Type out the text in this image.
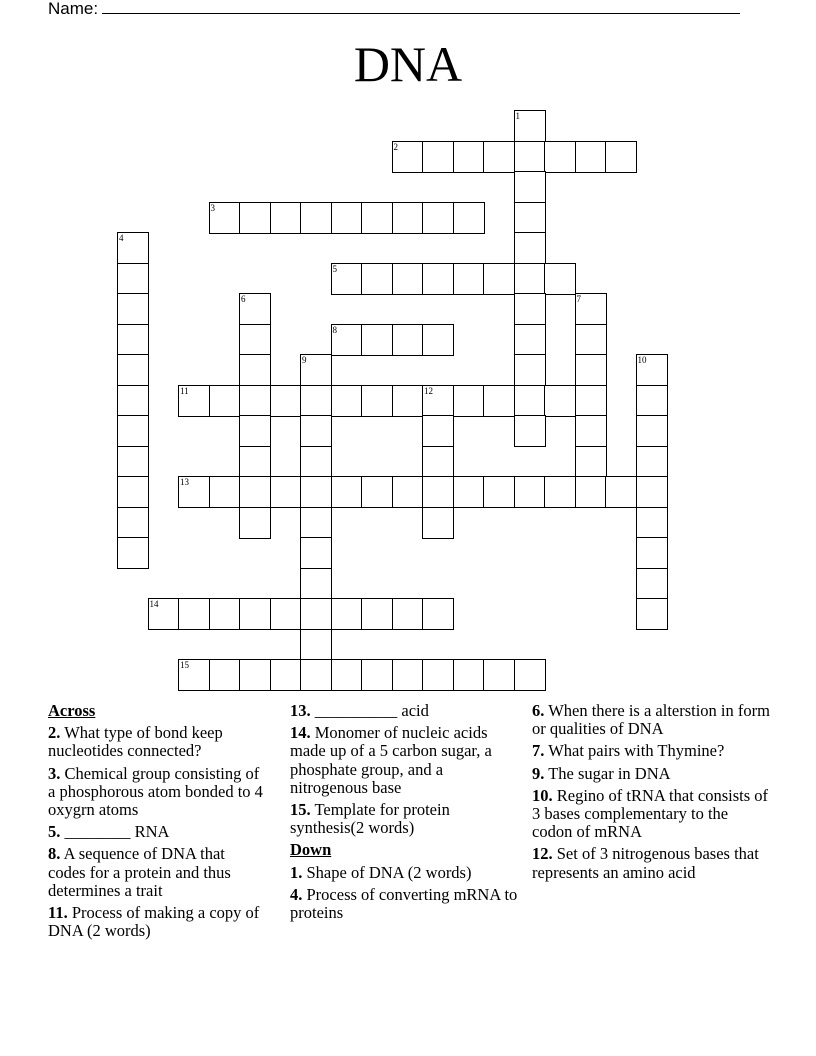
Name:
DNA
1
2
3
4
5
6	7
8
9	10
11	12
13
14
15
Across
2. What type of bond keep nucleotides connected?
3. Chemical group consisting of a phosphorous atom bonded to 4 oxygrn atoms
5. ________ RNA
8. A sequence of DNA that codes for a protein and thus determines a trait
11. Process of making a copy of DNA (2 words)
13. __________ acid
14. Monomer of nucleic acids made up of a 5 carbon sugar, a phosphate group, and a nitrogenous base
15. Template for protein synthesis(2 words)
Down
1. Shape of DNA (2 words)
4. Process of converting mRNA to proteins
6. When there is a alterstion in form or qualities of DNA
7. What pairs with Thymine?
9. The sugar in DNA
10. Regino of tRNA that consists of 3 bases complementary to the codon of mRNA
12. Set of 3 nitrogenous bases that represents an amino acid
